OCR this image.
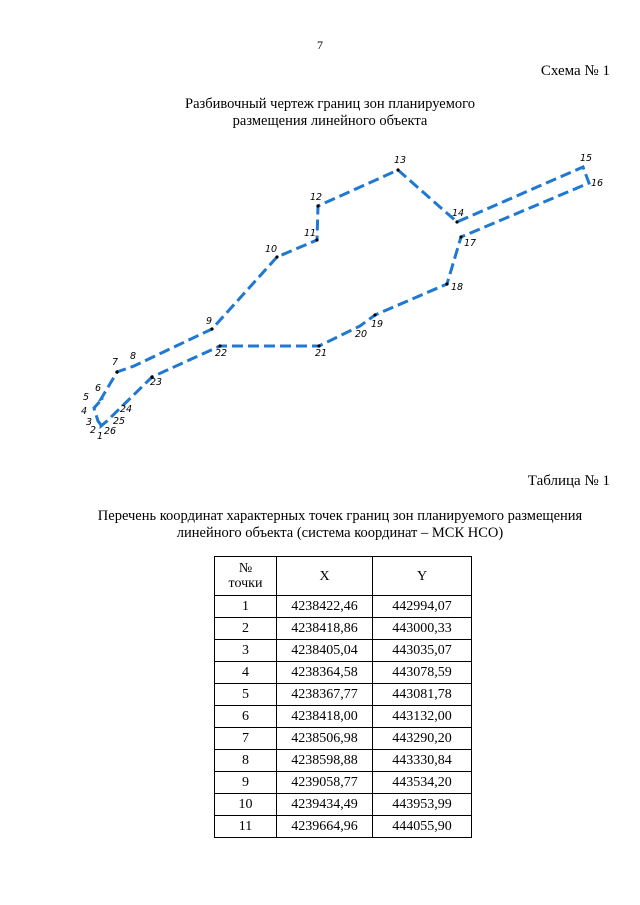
7
Схема № 1
Разбивочный чертеж границ зон планируемого
размещения линейного объекта
1
2
3
4
5
6
7
8
9
10
11
12
13
14
15
16
17
18
19
20
21
22
23
24
25
26
Таблица № 1
Перечень координат характерных точек границ зон планируемого размещения
линейного объекта (система координат – МСК НСО)
№
точки	X	Y
1	4238422,46	442994,07
2	4238418,86	443000,33
3	4238405,04	443035,07
4	4238364,58	443078,59
5	4238367,77	443081,78
6	4238418,00	443132,00
7	4238506,98	443290,20
8	4238598,88	443330,84
9	4239058,77	443534,20
10	4239434,49	443953,99
11	4239664,96	444055,90
